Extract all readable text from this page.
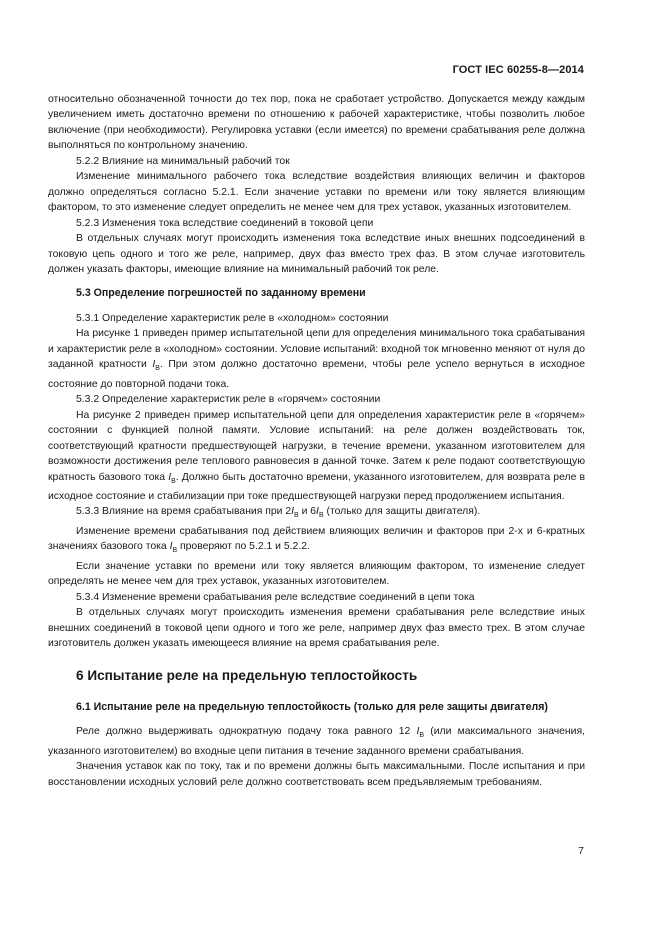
ГОСТ IEC 60255-8—2014

относительно обозначенной точности до тех пор, пока не сработает устройство. Допускается между каждым увеличением иметь достаточно времени по отношению к рабочей характеристике, чтобы позволить любое включение (при необходимости). Регулировка уставки (если имеется) по времени срабатывания реле должна выполняться по контрольному значению.

5.2.2 Влияние на минимальный рабочий ток

Изменение минимального рабочего тока вследствие воздействия влияющих величин и факторов должно определяться согласно 5.2.1. Если значение уставки по времени или току является влияющим фактором, то это изменение следует определить не менее чем для трех уставок, указанных изготовителем.

5.2.3 Изменения тока вследствие соединений в токовой цепи

В отдельных случаях могут происходить изменения тока вследствие иных внешних подсоединений в токовую цепь одного и того же реле, например, двух фаз вместо трех фаз. В этом случае изготовитель должен указать факторы, имеющие влияние на минимальный рабочий ток реле.

5.3 Определение погрешностей по заданному времени

5.3.1 Определение характеристик реле в «холодном» состоянии

На рисунке 1 приведен пример испытательной цепи для определения минимального тока срабатывания и характеристик реле в «холодном» состоянии. Условие испытаний: входной ток мгновенно меняют от нуля до заданной кратности $I_B$. При этом должно достаточно времени, чтобы реле успело вернуться в исходное состояние до повторной подачи тока.

5.3.2 Определение характеристик реле в «горячем» состоянии

На рисунке 2 приведен пример испытательной цепи для определения характеристик реле в «горячем» состоянии с функцией полной памяти. Условие испытаний: на реле должен воздействовать ток, соответствующий кратности предшествующей нагрузки, в течение времени, указанном изготовителем для возможности достижения реле теплового равновесия в данной точке. Затем к реле подают соответствующую кратность базового тока $I_B$. Должно быть достаточно времени, указанного изготовителем, для возврата реле в исходное состояние и стабилизации при токе предшествующей нагрузки перед продолжением испытания.

5.3.3 Влияние на время срабатывания при $2I_B$ и $6I_B$ (только для защиты двигателя).

Изменение времени срабатывания под действием влияющих величин и факторов при 2-х и 6-кратных значениях базового тока $I_B$ проверяют по 5.2.1 и 5.2.2.

Если значение уставки по времени или току является влияющим фактором, то изменение следует определять не менее чем для трех уставок, указанных изготовителем.

5.3.4 Изменение времени срабатывания реле вследствие соединений в цепи тока

В отдельных случаях могут происходить изменения времени срабатывания реле вследствие иных внешних соединений в токовой цепи одного и того же реле, например двух фаз вместо трех. В этом случае изготовитель должен указать имеющееся влияние на время срабатывания реле.

6 Испытание реле на предельную теплостойкость

6.1 Испытание реле на предельную теплостойкость (только для реле защиты двигателя)

Реле должно выдерживать однократную подачу тока равного 12 $I_B$ (или максимального значения, указанного изготовителем) во входные цепи питания в течение заданного времени срабатывания.

Значения уставок как по току, так и по времени должны быть максимальными. После испытания и при восстановлении исходных условий реле должно соответствовать всем предъявляемым требованиям.

7
